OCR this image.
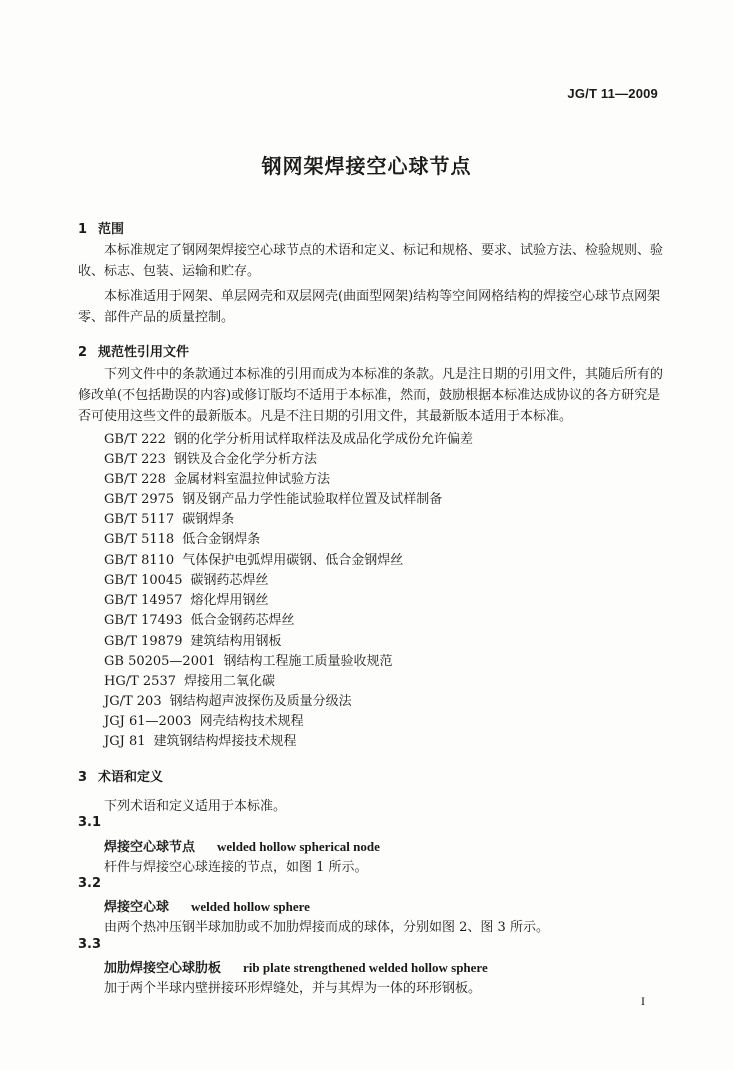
JG/T 11—2009
钢网架焊接空心球节点
1 范围
本标准规定了钢网架焊接空心球节点的术语和定义、标记和规格、要求、试验方法、检验规则、验收、标志、包装、运输和贮存。
本标准适用于网架、单层网壳和双层网壳(曲面型网架)结构等空间网格结构的焊接空心球节点网架零、部件产品的质量控制。
2 规范性引用文件
下列文件中的条款通过本标准的引用而成为本标准的条款。凡是注日期的引用文件，其随后所有的修改单(不包括勘误的内容)或修订版均不适用于本标准，然而，鼓励根据本标准达成协议的各方研究是否可使用这些文件的最新版本。凡是不注日期的引用文件，其最新版本适用于本标准。
GB/T 222 钢的化学分析用试样取样法及成品化学成份允许偏差
GB/T 223 钢铁及合金化学分析方法
GB/T 228 金属材料室温拉伸试验方法
GB/T 2975 钢及钢产品力学性能试验取样位置及试样制备
GB/T 5117 碳钢焊条
GB/T 5118 低合金钢焊条
GB/T 8110 气体保护电弧焊用碳钢、低合金钢焊丝
GB/T 10045 碳钢药芯焊丝
GB/T 14957 熔化焊用钢丝
GB/T 17493 低合金钢药芯焊丝
GB/T 19879 建筑结构用钢板
GB 50205—2001 钢结构工程施工质量验收规范
HG/T 2537 焊接用二氧化碳
JG/T 203 钢结构超声波探伤及质量分级法
JGJ 61—2003 网壳结构技术规程
JGJ 81 建筑钢结构焊接技术规程
3 术语和定义
下列术语和定义适用于本标准。
3.1
焊接空心球节点 welded hollow spherical node
杆件与焊接空心球连接的节点，如图 1 所示。
3.2
焊接空心球 welded hollow sphere
由两个热冲压钢半球加肋或不加肋焊接而成的球体，分别如图 2、图 3 所示。
3.3
加肋焊接空心球肋板 rib plate strengthened welded hollow sphere
加于两个半球内壁拼接环形焊缝处，并与其焊为一体的环形钢板。
I
